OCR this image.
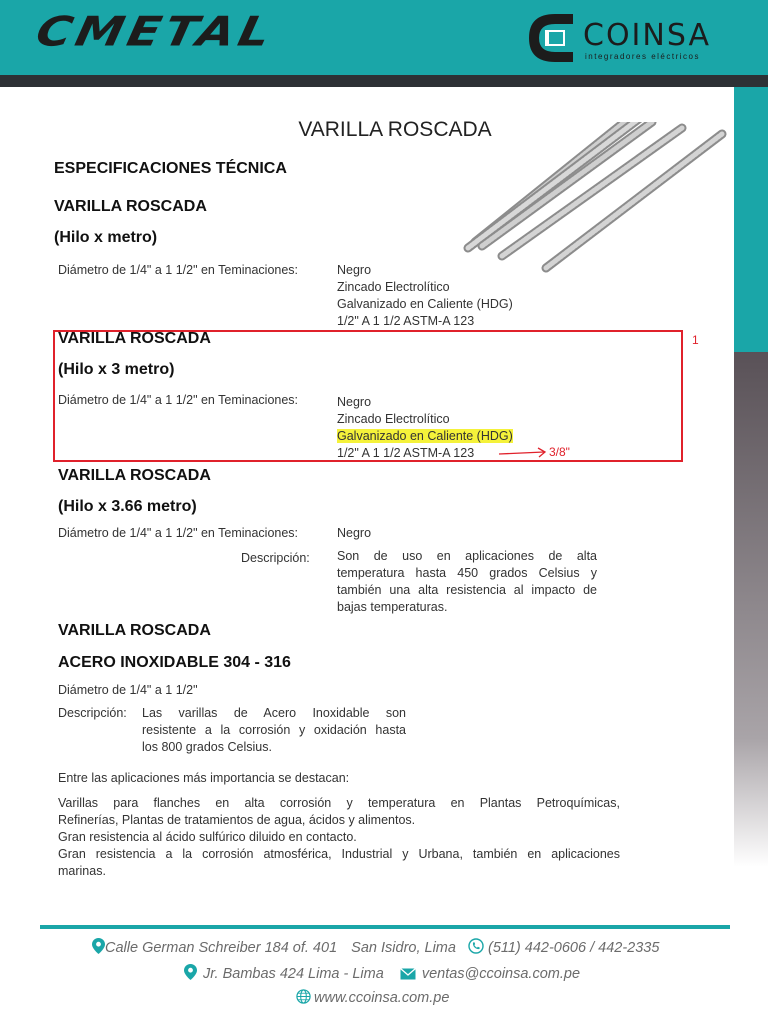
CMETAL	COINSA
integradores eléctricos
VARILLA ROSCADA
ESPECIFICACIONES TÉCNICA
VARILLA ROSCADA
(Hilo x metro)
Diámetro de 1/4" a 1 1/2" en Teminaciones:	Negro
Zincado Electrolítico
Galvanizado en Caliente (HDG)
1/2" A 1 1/2 ASTM-A 123
1
VARILLA ROSCADA
(Hilo x 3 metro)
Diámetro de 1/4" a 1 1/2" en Teminaciones:	Negro
Zincado Electrolítico
Galvanizado en Caliente (HDG)
1/2" A 1 1/2 ASTM-A 123	3/8"
VARILLA ROSCADA
(Hilo x 3.66 metro)
Diámetro de 1/4" a 1 1/2" en Teminaciones:	Negro
Descripción: Son de uso en aplicaciones de alta
temperatura hasta 450 grados Celsius y
también una alta resistencia al impacto de
bajas temperaturas.
VARILLA ROSCADA
ACERO INOXIDABLE 304 - 316
Diámetro de 1/4" a 1 1/2"
Descripción: Las varillas de Acero Inoxidable son
resistente a la corrosión y oxidación hasta
los 800 grados Celsius.
Entre las aplicaciones más importancia se destacan:
Varillas para flanches en alta corrosión y temperatura en Plantas Petroquímicas,
Refinerías, Plantas de tratamientos de agua, ácidos y alimentos.
Gran resistencia al ácido sulfúrico diluido en contacto.
Gran resistencia a la corrosión atmosférica, Industrial y Urbana, también en aplicaciones
marinas.
Calle German Schreiber 184 of. 401 San Isidro, Lima (511) 442-0606 / 442-2335
Jr. Bambas 424 Lima - Lima	ventas@ccoinsa.com.pe
www.ccoinsa.com.pe
